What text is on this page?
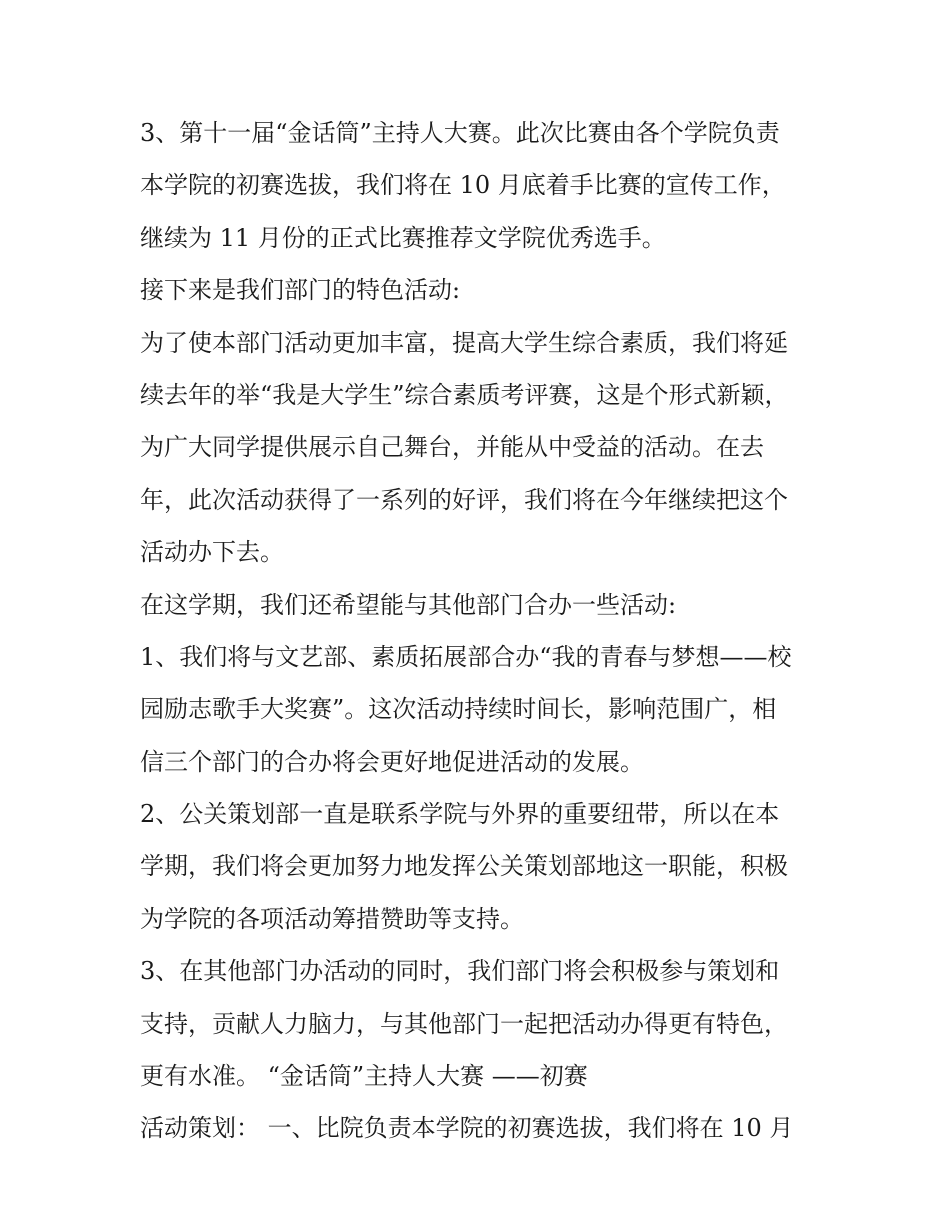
3、第十一届“金话筒”主持人大赛。此次比赛由各个学院负责
本学院的初赛选拔，我们将在 10 月底着手比赛的宣传工作，
继续为 11 月份的正式比赛推荐文学院优秀选手。
接下来是我们部门的特色活动:
为了使本部门活动更加丰富，提高大学生综合素质，我们将延
续去年的举“我是大学生”综合素质考评赛，这是个形式新颖，
为广大同学提供展示自己舞台，并能从中受益的活动。在去
年，此次活动获得了一系列的好评，我们将在今年继续把这个
活动办下去。
在这学期，我们还希望能与其他部门合办一些活动:
1、我们将与文艺部、素质拓展部合办“我的青春与梦想——校
园励志歌手大奖赛”。这次活动持续时间长，影响范围广，相
信三个部门的合办将会更好地促进活动的发展。
2、公关策划部一直是联系学院与外界的重要纽带，所以在本
学期，我们将会更加努力地发挥公关策划部地这一职能，积极
为学院的各项活动筹措赞助等支持。
3、在其他部门办活动的同时，我们部门将会积极参与策划和
支持，贡献人力脑力，与其他部门一起把活动办得更有特色，
更有水准。 “金话筒”主持人大赛 ——初赛
活动策划： 一、比院负责本学院的初赛选拔，我们将在 10 月
